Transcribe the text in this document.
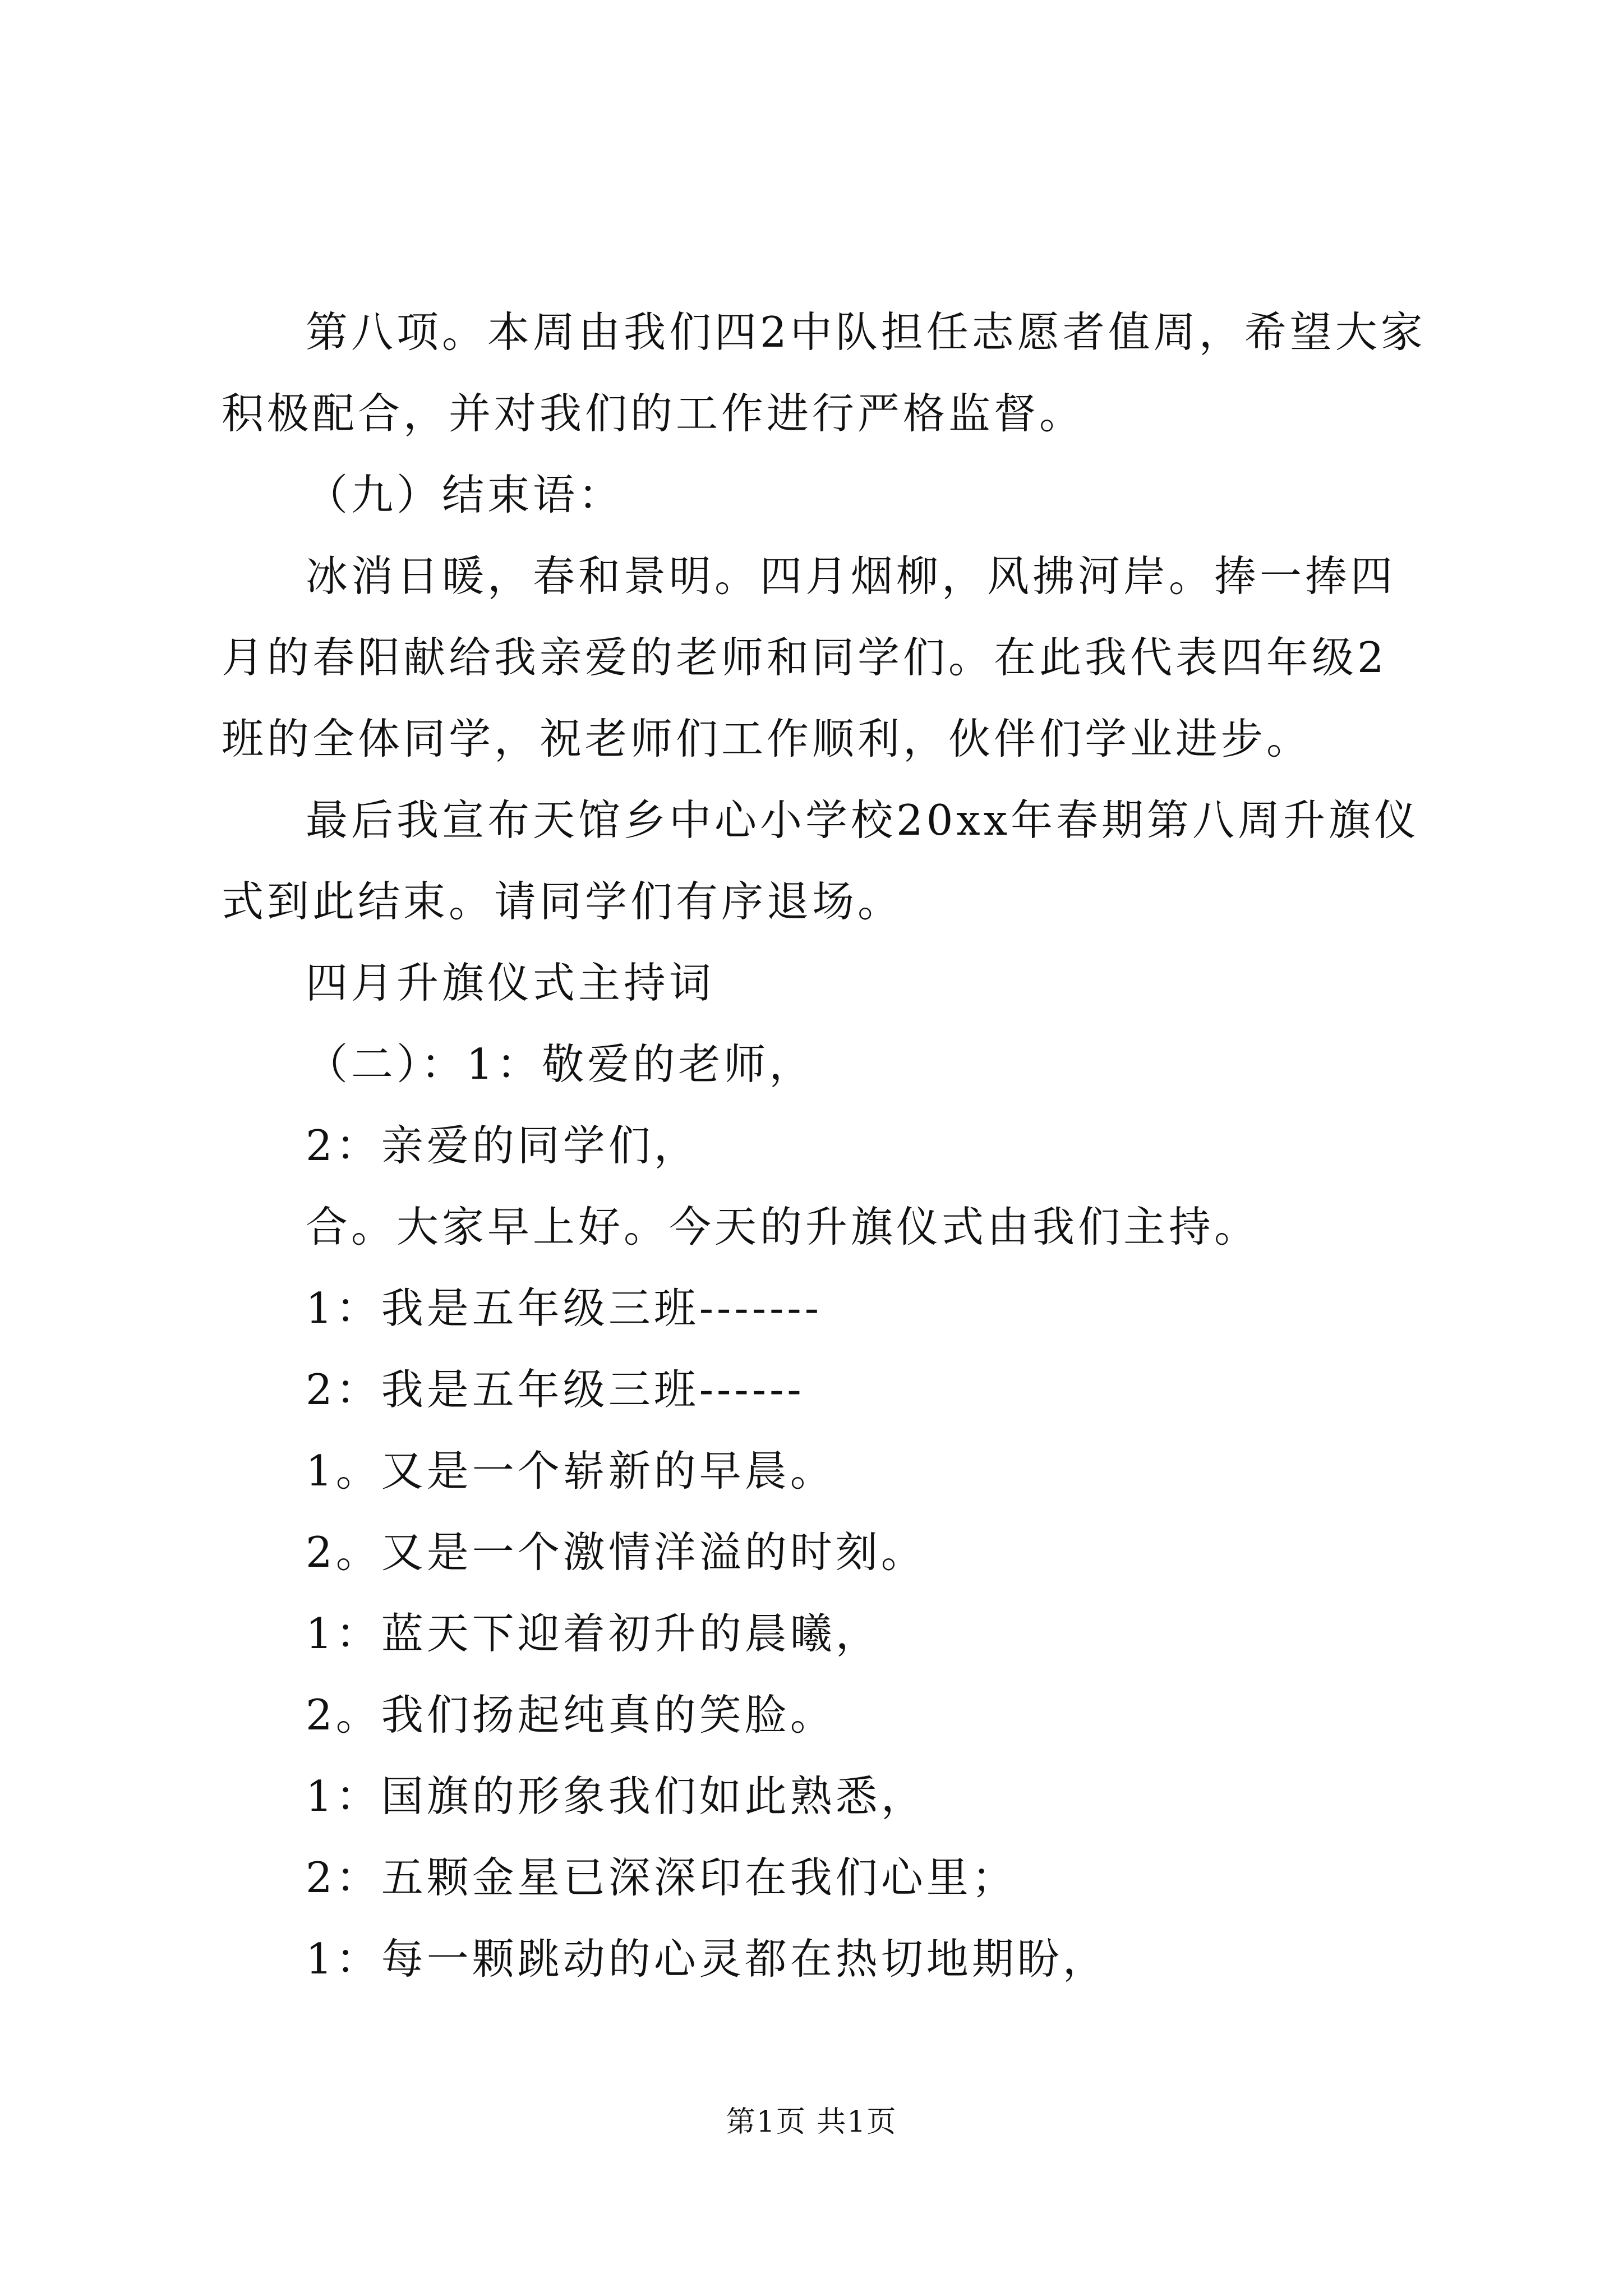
第八项。本周由我们四2中队担任志愿者值周，希望大家积极配合，并对我们的工作进行严格监督。

（九）结束语：

冰消日暖，春和景明。四月烟柳，风拂河岸。捧一捧四月的春阳献给我亲爱的老师和同学们。在此我代表四年级2班的全体同学，祝老师们工作顺利，伙伴们学业进步。

最后我宣布天馆乡中心小学校20xx年春期第八周升旗仪式到此结束。请同学们有序退场。

四月升旗仪式主持词

（二）：1：敬爱的老师，

2：亲爱的同学们，

合。大家早上好。今天的升旗仪式由我们主持。

1：我是五年级三班-------

2：我是五年级三班------

1。又是一个崭新的早晨。

2。又是一个激情洋溢的时刻。

1：蓝天下迎着初升的晨曦，

2。我们扬起纯真的笑脸。

1：国旗的形象我们如此熟悉，

2：五颗金星已深深印在我们心里；

1：每一颗跳动的心灵都在热切地期盼，

第1页 共1页
